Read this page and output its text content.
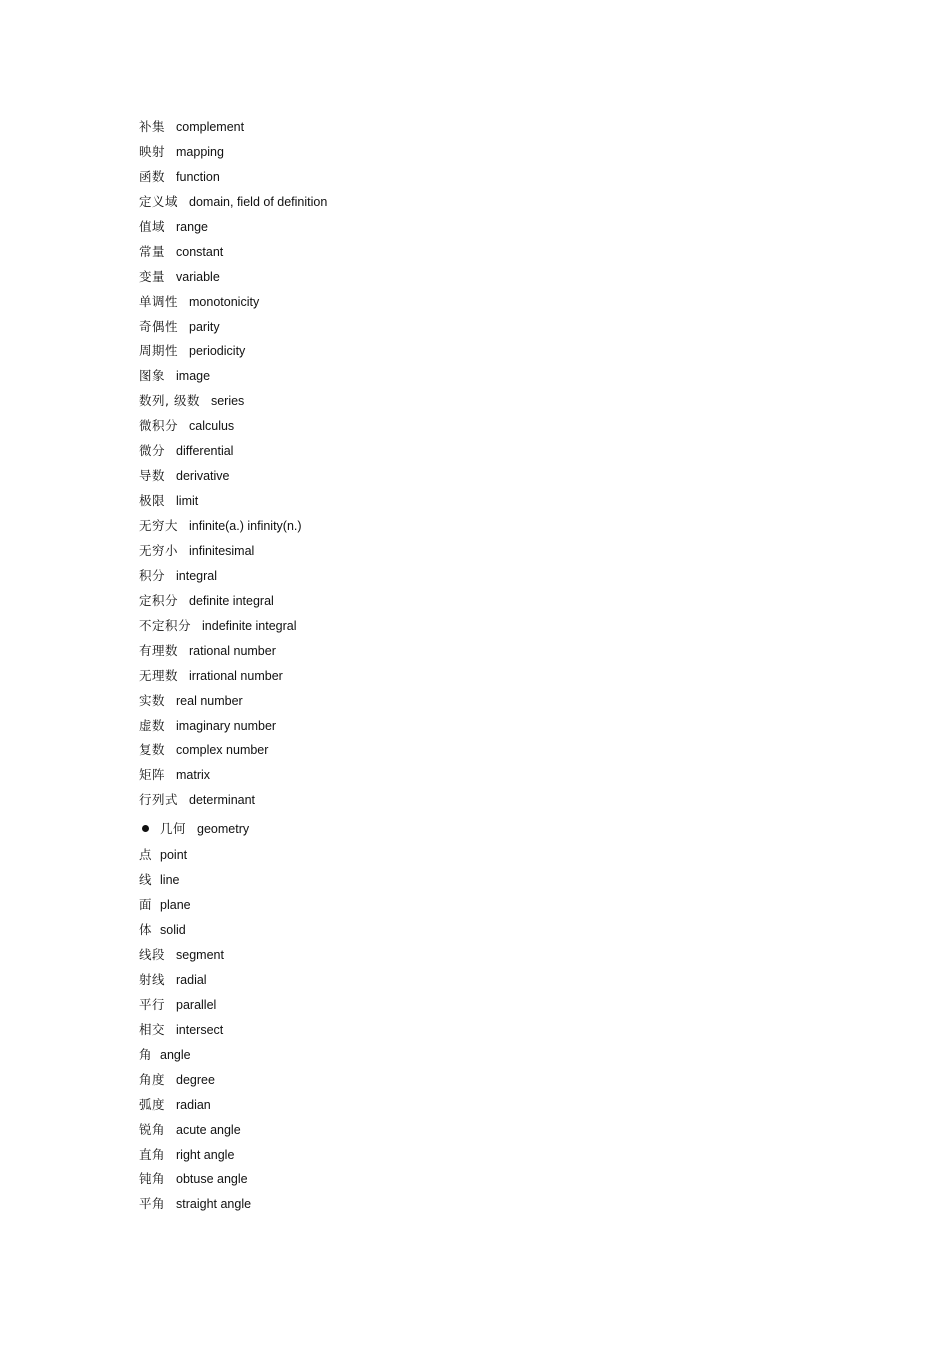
补集 complement
映射 mapping
函数 function
定义域 domain, field of definition
值域 range
常量 constant
变量 variable
单调性 monotonicity
奇偶性 parity
周期性 periodicity
图象 image
数列, 级数 series
微积分 calculus
微分 differential
导数 derivative
极限 limit
无穷大 infinite(a.) infinity(n.)
无穷小 infinitesimal
积分 integral
定积分 definite integral
不定积分 indefinite integral
有理数 rational number
无理数 irrational number
实数 real number
虚数 imaginary number
复数 complex number
矩阵 matrix
行列式 determinant
几何 geometry
点 point
线 line
面 plane
体 solid
线段 segment
射线 radial
平行 parallel
相交 intersect
角 angle
角度 degree
弧度 radian
锐角 acute angle
直角 right angle
钝角 obtuse angle
平角 straight angle
